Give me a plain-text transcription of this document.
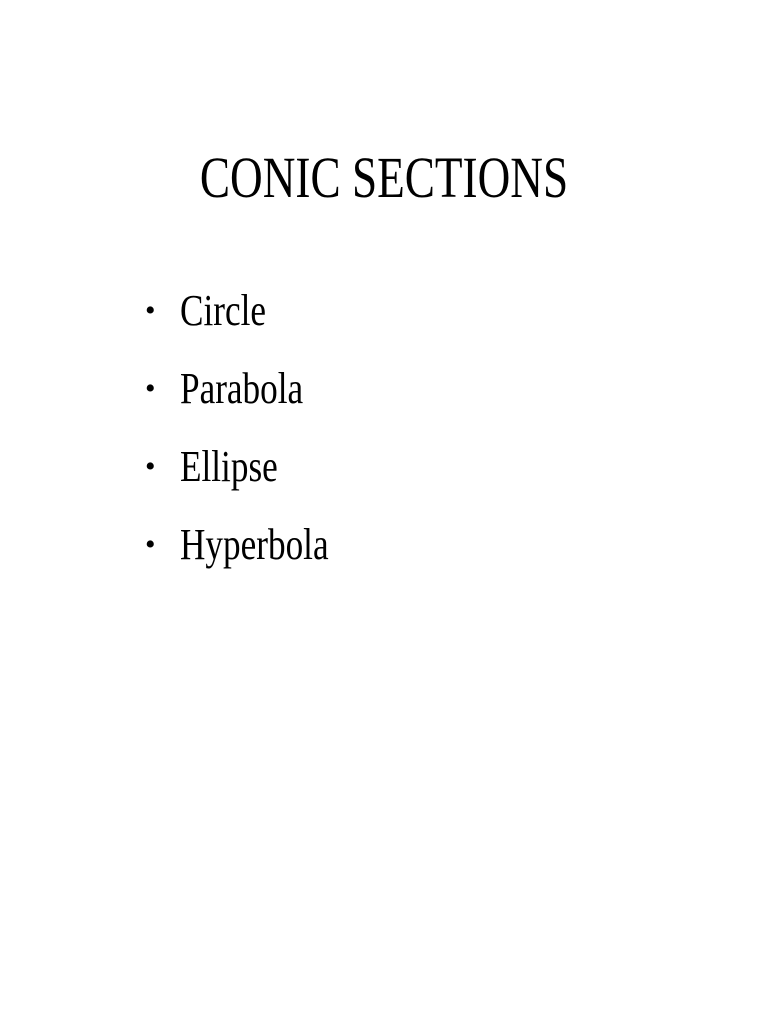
CONIC SECTIONS
• Circle
• Parabola
• Ellipse
• Hyperbola
